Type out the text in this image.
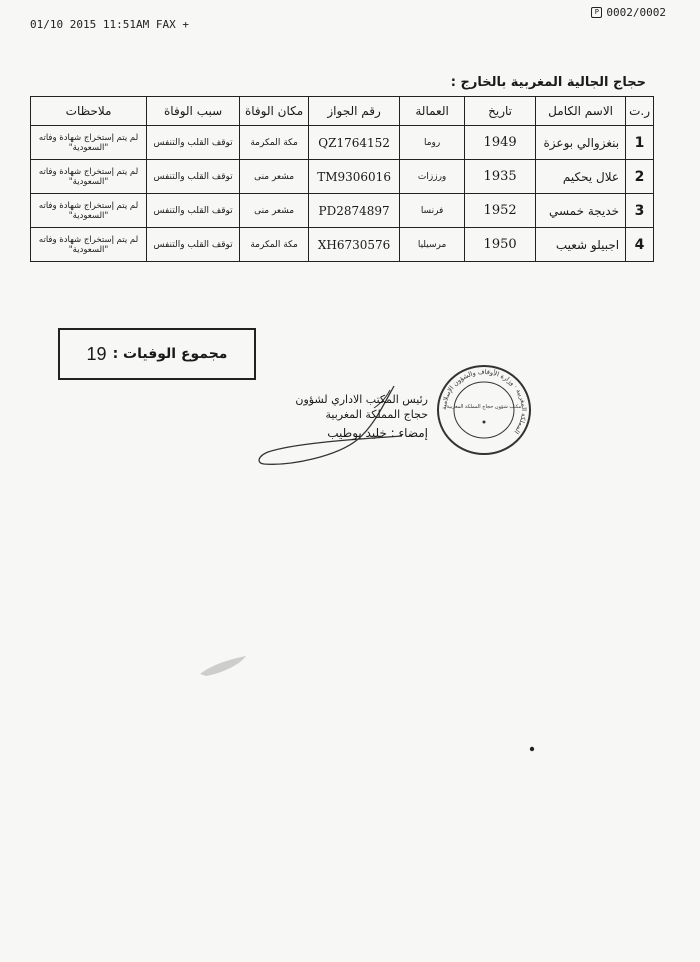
01/10 2015 11:51AM FAX +
P 0002/0002
حجاج الجالية المغربية بالخارج :
ر.ت	الاسم الكامل	تاريخ	العمالة	رقم الجواز	مكان الوفاة	سبب الوفاة	ملاحظات
1	بنغزوالي بوعزة	1949	روما	QZ1764152	مكة المكرمة	توقف القلب والتنفس	لم يتم إستخراج شهادة وفاته "السعودية"
2	علال يحكيم	1935	ورززات	TM9306016	مشعر منى	توقف القلب والتنفس	لم يتم إستخراج شهادة وفاته "السعودية"
3	خديجة خمسي	1952	فرنسا	PD2874897	مشعر منى	توقف القلب والتنفس	لم يتم إستخراج شهادة وفاته "السعودية"
4	اجبيلو شعيب	1950	مرسيليا	XH6730576	مكة المكرمة	توقف القلب والتنفس	لم يتم إستخراج شهادة وفاته "السعودية"
مجموع الوفيات :
19
رئيس المكتب الاداري لشؤون
حجاج المملكة المغربية
إمضاء : خليد بوطيب
المملكة المغربية · وزارة الأوقاف والشؤون الإسلامية
مكتب شؤون حجاج المملكة المغربية
